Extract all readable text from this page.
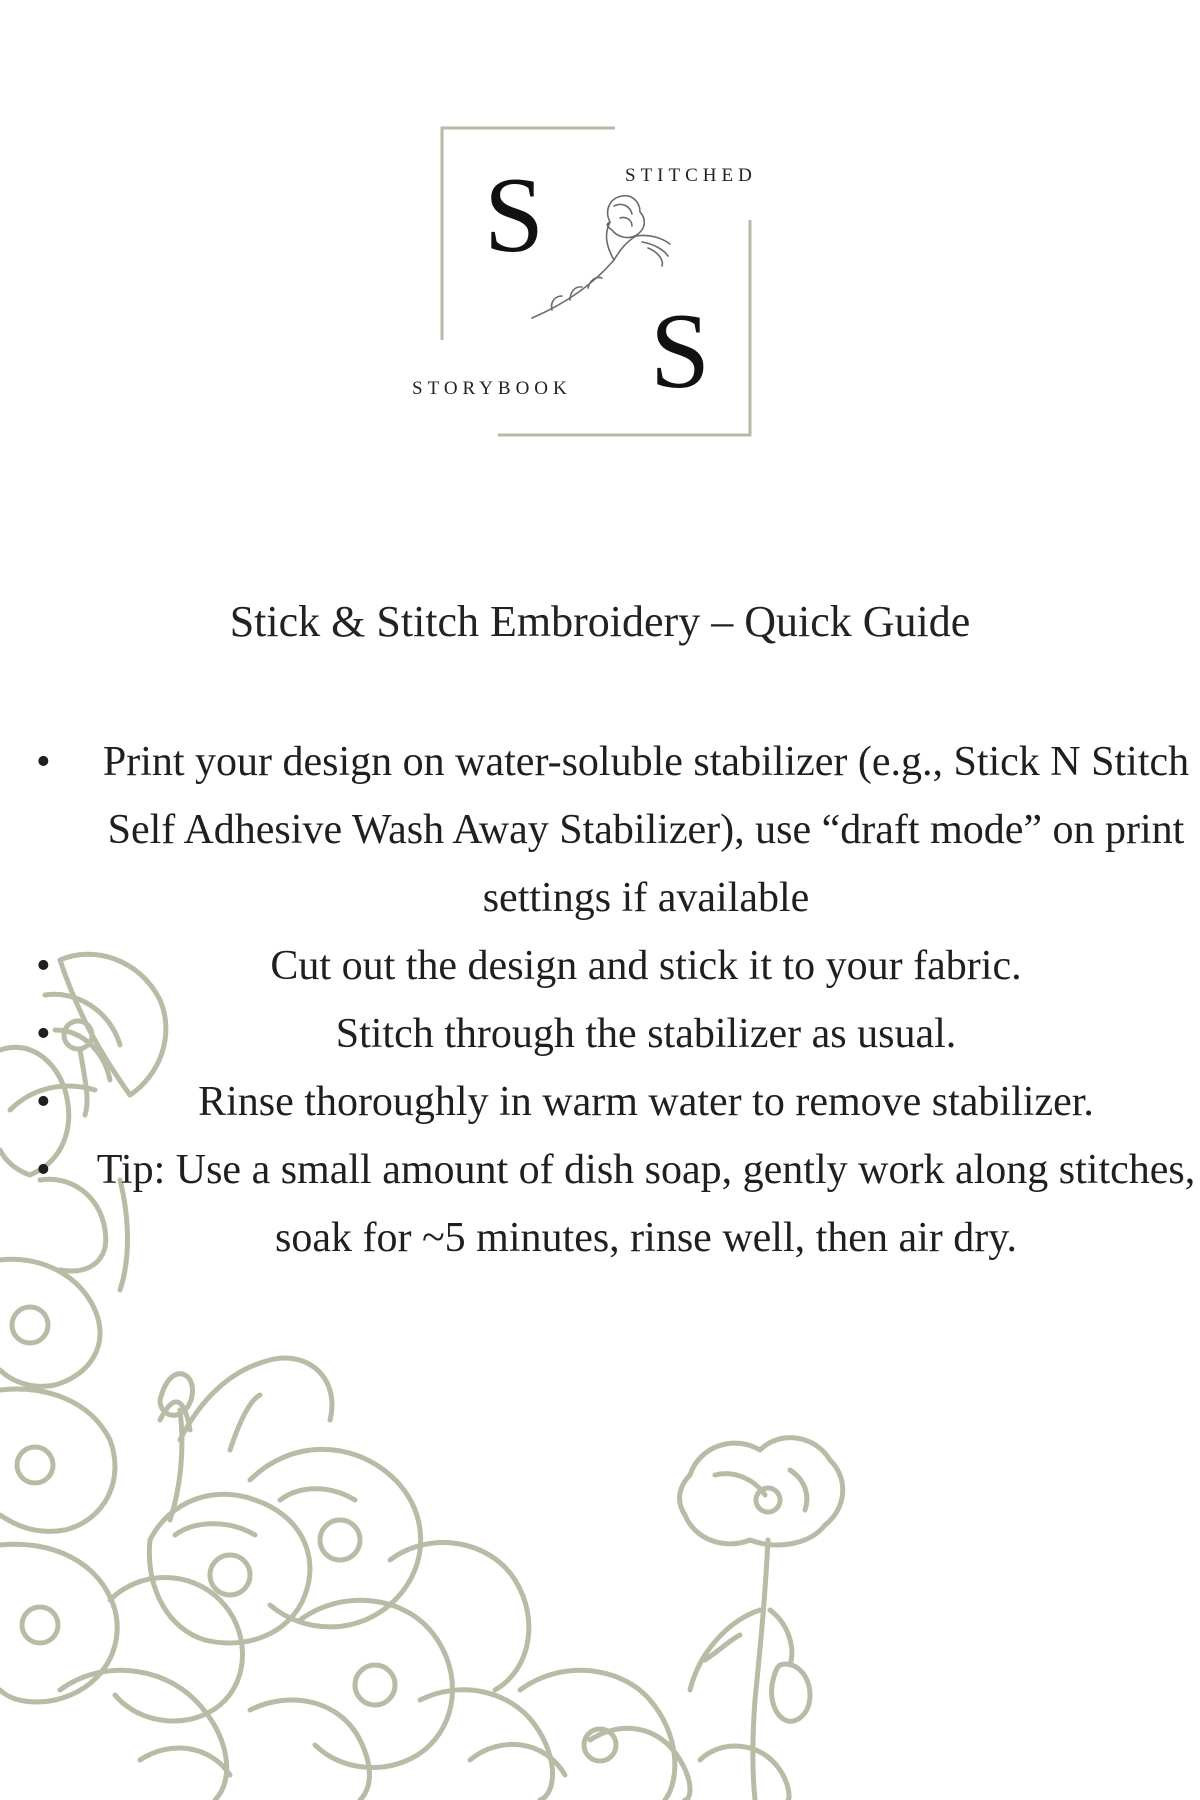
S
S
STITCHED
STORYBOOK
Stick & Stitch Embroidery – Quick Guide
• Print your design on water-soluble stabilizer (e.g., Stick N Stitch Self Adhesive Wash Away Stabilizer), use “draft mode” on print settings if available
•	Cut out the design and stick it to your fabric.
•	Stitch through the stabilizer as usual.
•	Rinse thoroughly in warm water to remove stabilizer.
• Tip: Use a small amount of dish soap, gently work along stitches, soak for ~5 minutes, rinse well, then air dry.
